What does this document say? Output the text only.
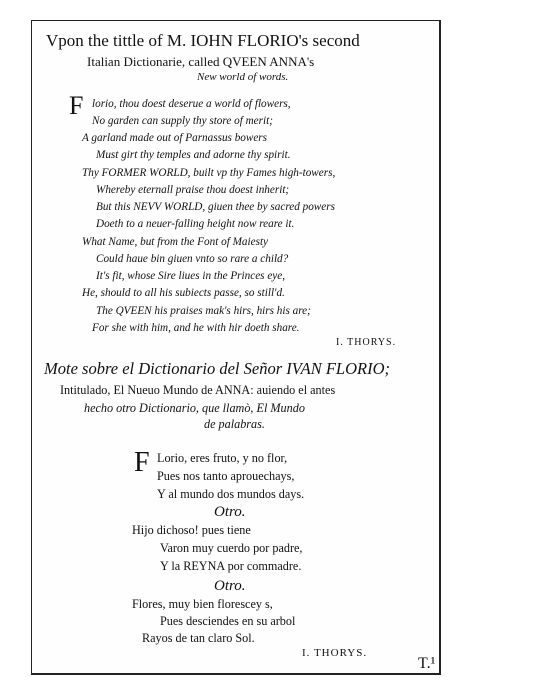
Vpon the tittle of M. IOHN FLORIO's second
Italian Dictionarie, called QVEEN ANNA's
New world of words.
F lorio, thou doest deserue a world of flowers,
No garden can supply thy store of merit;
A garland made out of Parnassus bowers
Must girt thy temples and adorne thy spirit.
Thy FORMER WORLD, built vp thy Fames high-towers,
Whereby eternall praise thou doest inherit;
But this NEVV WORLD, giuen thee by sacred powers
Doeth to a neuer-falling height now reare it.
What Name, but from the Font of Maiesty
Could haue bin giuen vnto so rare a child?
It's fit, whose Sire liues in the Princes eye,
He, should to all his subiects passe, so still'd.
The QVEEN his praises mak's hirs, hirs his are;
For she with him, and he with hir doeth share.
I. THORYS.
Mote sobre el Dictionario del Señor IVAN FLORIO;
Intitulado, El Nueuo Mundo de ANNA: auiendo el antes
hecho otro Dictionario, que llamò, El Mundo
de palabras.
F Lorio, eres fruto, y no flor,
Pues nos tanto aprouechays,
Y al mundo dos mundos days.
Otro.
Hijo dichoso! pues tiene
Varon muy cuerdo por padre,
Y la REYNA por commadre.
Otro.
Flores, muy bien florescey s,
Pues desciendes en su arbol
Rayos de tan claro Sol.
I. THORYS.
T.¹
